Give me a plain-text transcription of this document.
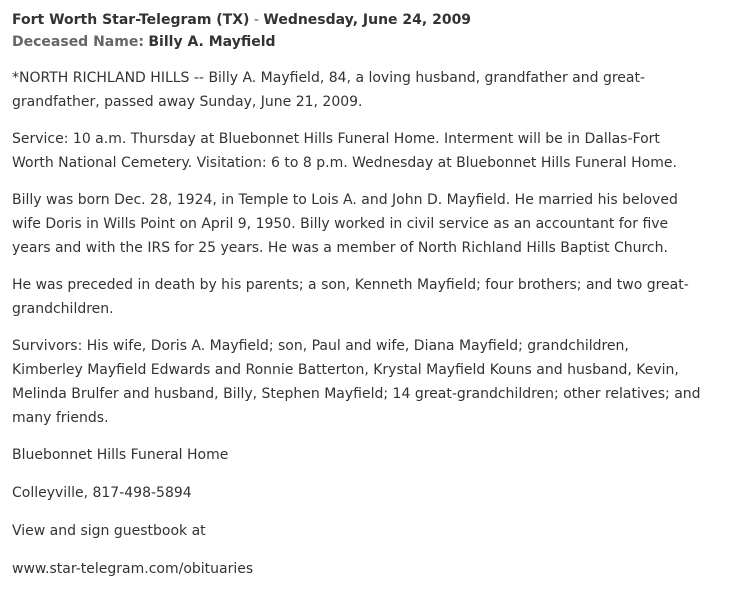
Fort Worth Star-Telegram (TX) - Wednesday, June 24, 2009
Deceased Name: Billy A. Mayfield

*NORTH RICHLAND HILLS -- Billy A. Mayfield, 84, a loving husband, grandfather and great-
grandfather, passed away Sunday, June 21, 2009.

Service: 10 a.m. Thursday at Bluebonnet Hills Funeral Home. Interment will be in Dallas-Fort
Worth National Cemetery. Visitation: 6 to 8 p.m. Wednesday at Bluebonnet Hills Funeral Home.

Billy was born Dec. 28, 1924, in Temple to Lois A. and John D. Mayfield. He married his beloved
wife Doris in Wills Point on April 9, 1950. Billy worked in civil service as an accountant for five
years and with the IRS for 25 years. He was a member of North Richland Hills Baptist Church.

He was preceded in death by his parents; a son, Kenneth Mayfield; four brothers; and two great-
grandchildren.

Survivors: His wife, Doris A. Mayfield; son, Paul and wife, Diana Mayfield; grandchildren,
Kimberley Mayfield Edwards and Ronnie Batterton, Krystal Mayfield Kouns and husband, Kevin,
Melinda Brulfer and husband, Billy, Stephen Mayfield; 14 great-grandchildren; other relatives; and
many friends.

Bluebonnet Hills Funeral Home

Colleyville, 817-498-5894

View and sign guestbook at

www.star-telegram.com/obituaries
